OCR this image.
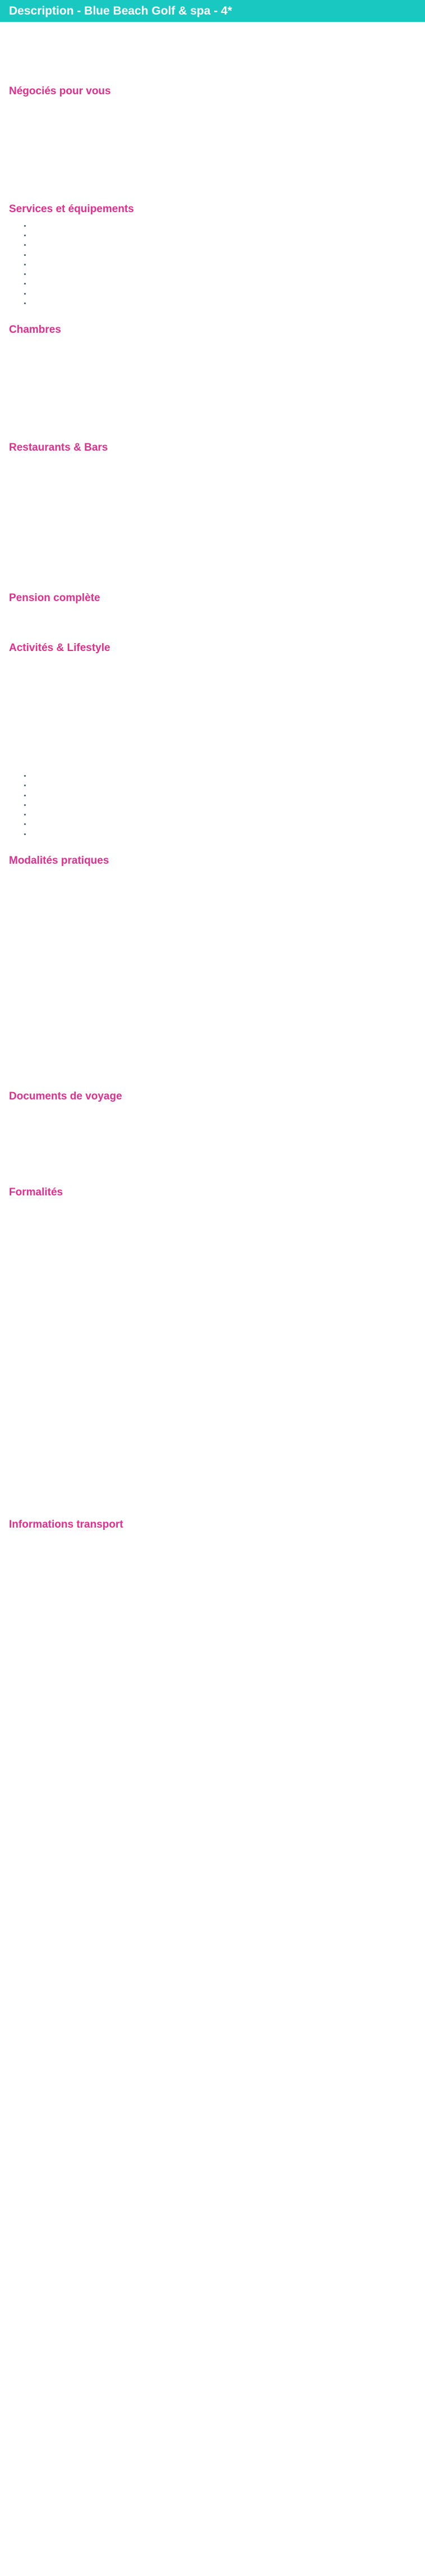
Description - Blue Beach Golf & spa - 4*

Négociés pour vous

Services et équipements
•
•
•
•
•
•
•
•
•
Chambres

Restaurants & Bars

Pension complète

Activités & Lifestyle

•
•
•
•
•
•
•
Modalités pratiques

Documents de voyage

Formalités

Informations transport
